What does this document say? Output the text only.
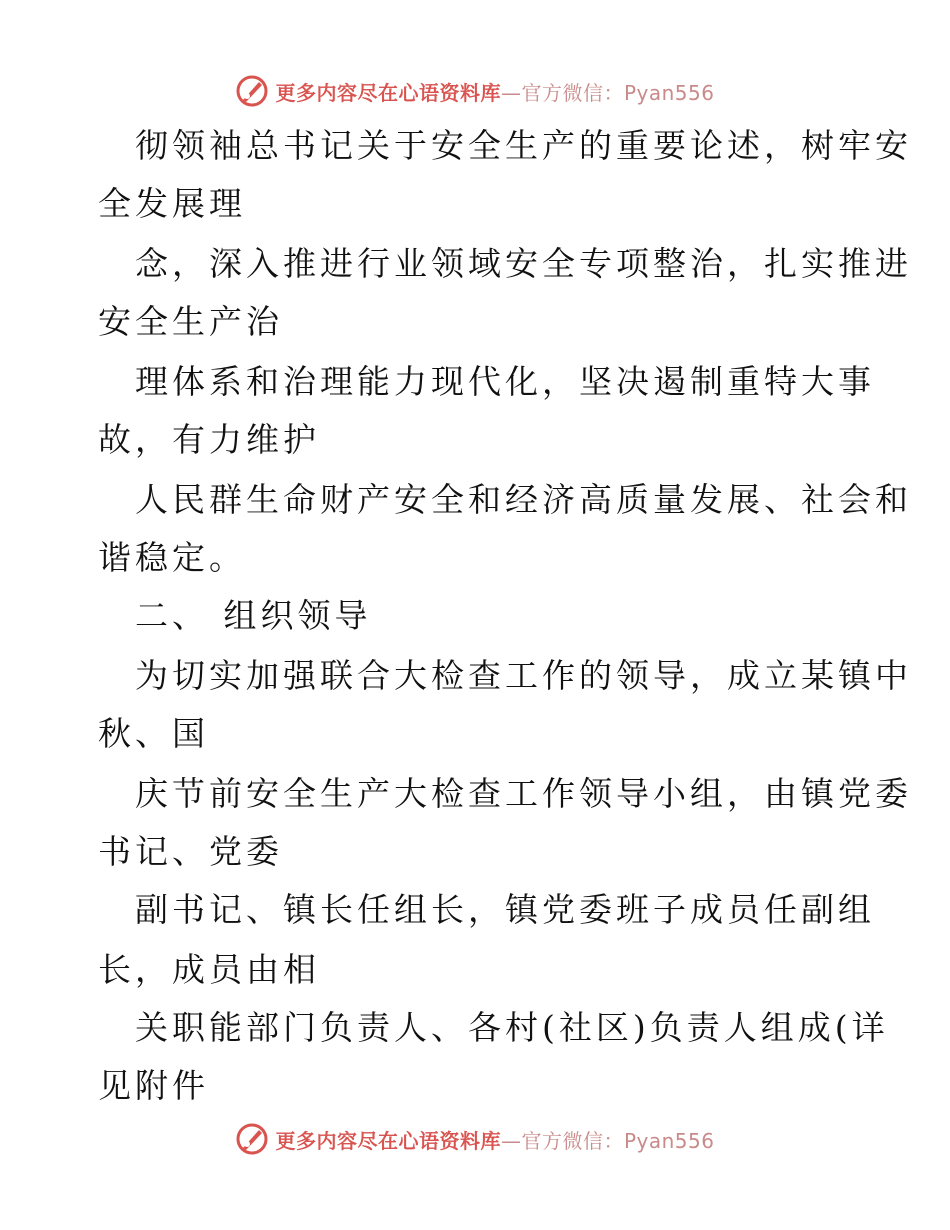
更多内容尽在心语资料库—官方微信：Pyan556
彻领袖总书记关于安全生产的重要论述，树牢安
全发展理
念，深入推进行业领域安全专项整治，扎实推进
安全生产治
理体系和治理能力现代化，坚决遏制重特大事
故，有力维护
人民群生命财产安全和经济高质量发展、社会和
谐稳定。
二、 组织领导
为切实加强联合大检查工作的领导，成立某镇中
秋、国
庆节前安全生产大检查工作领导小组，由镇党委
书记、党委
副书记、镇长任组长，镇党委班子成员任副组
长，成员由相
关职能部门负责人、各村(社区)负责人组成(详
见附件
更多内容尽在心语资料库—官方微信：Pyan556
